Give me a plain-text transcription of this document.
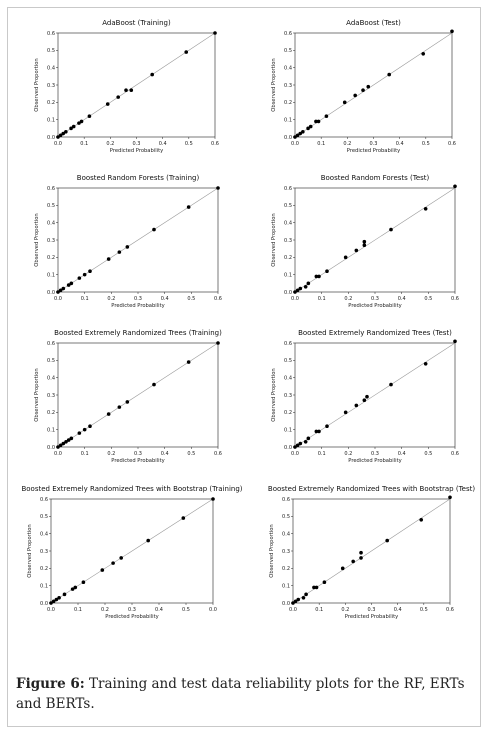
AdaBoost (Training)
0.0	0.1	0.2	0.3	0.4	0.5	0.6
0.0
0.1
0.2
0.3
0.4
0.5
0.6
Predicted Probability
Observed Proportion
AdaBoost (Test)
0.0	0.1	0.2	0.3	0.4	0.5	0.6
0.0
0.1
0.2
0.3
0.4
0.5
0.6
Predicted Probability
Observed Proportion
Boosted Random Forests (Training)
0.0	0.1	0.2	0.3	0.4	0.5	0.6
0.0
0.1
0.2
0.3
0.4
0.5
0.6
Predicted Probability
Observed Proportion
Boosted Random Forests (Test)
0.0	0.1	0.2	0.3	0.4	0.5	0.6
0.0
0.1
0.2
0.3
0.4
0.5
0.6
Predicted Probability
Observed Proportion
Boosted Extremely Randomized Trees (Training)
0.0	0.1	0.2	0.3	0.4	0.5	0.6
0.0
0.1
0.2
0.3
0.4
0.5
0.6
Predicted Probability
Observed Proportion
Boosted Extremely Randomized Trees (Test)
0.0	0.1	0.2	0.3	0.4	0.5	0.6
0.0
0.1
0.2
0.3
0.4
0.5
0.6
Predicted Probability
Observed Proportion
Boosted Extremely Randomized Trees with Bootstrap (Training)
0.0	0.1	0.2	0.3	0.4	0.5	0.0
0.0
0.1
0.2
0.3
0.4
0.5
0.6
Predicted Probability
Observed Proportion
Boosted Extremely Randomized Trees with Bootstrap (Test)
0.0	0.1	0.2	0.3	0.4	0.5	0.6
0.0
0.1
0.2
0.3
0.4
0.5
0.6
Predicted Probability
Observed Proportion
Figure 6: Training and test data reliability plots for the RF, ERTs and BERTs.
